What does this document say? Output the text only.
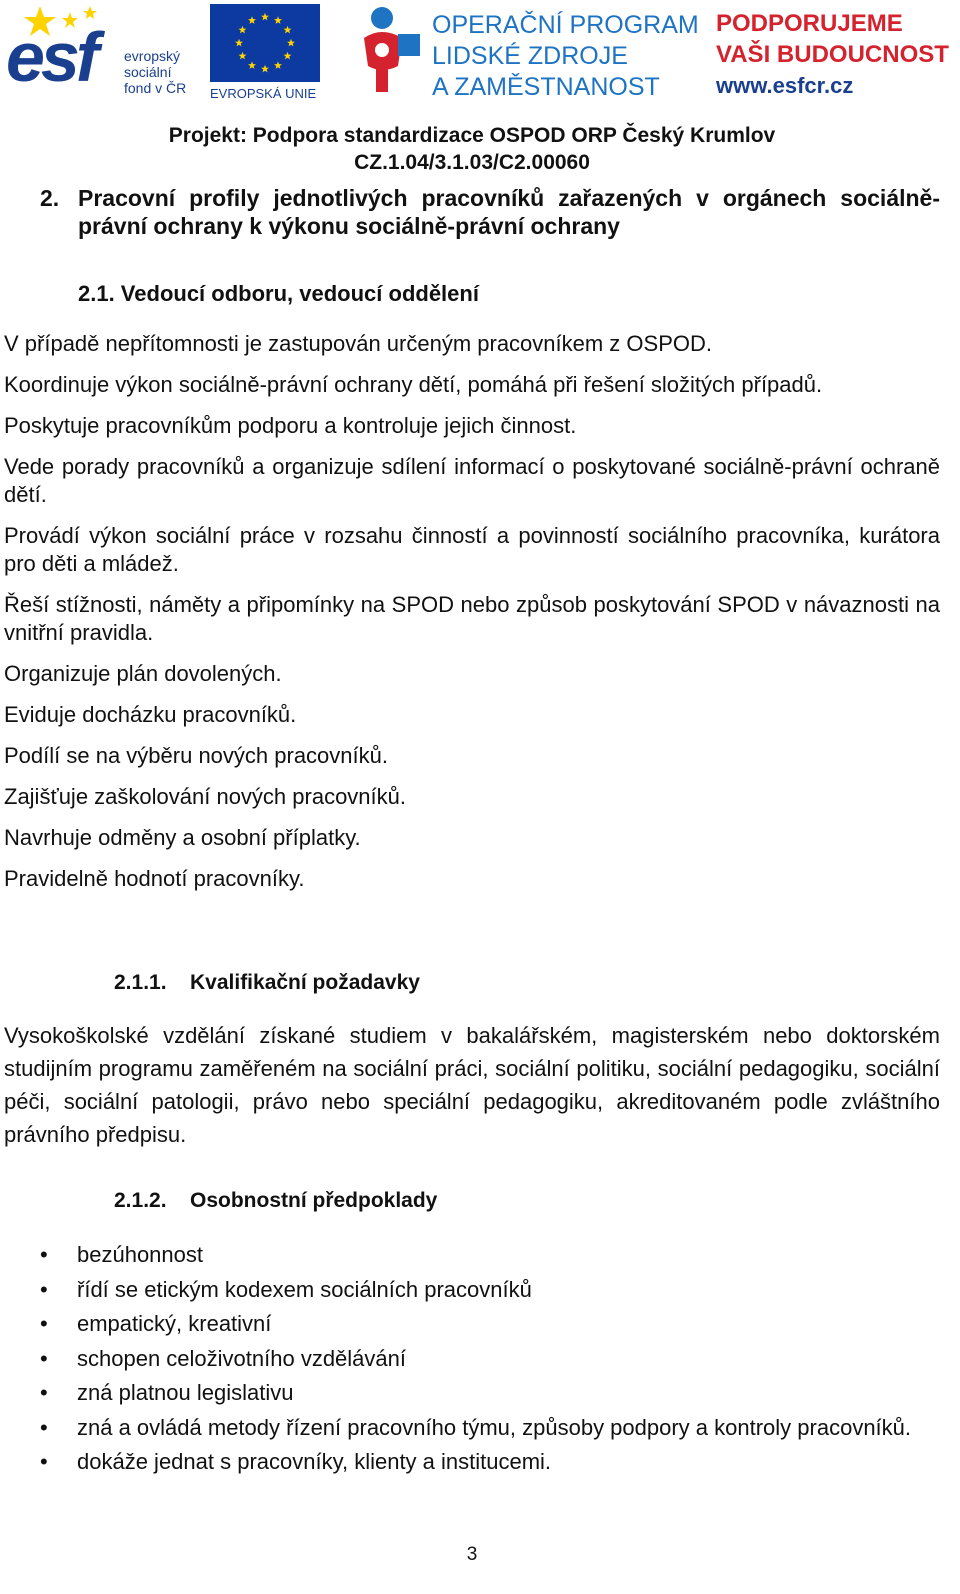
esf evropský
sociální
fond v ČR EVROPSKÁ UNIE
OPERAČNÍ PROGRAM
LIDSKÉ ZDROJE
A ZAMĚSTNANOST
PODPORUJEME
VAŠI BUDOUCNOST
www.esfcr.cz
Projekt: Podpora standardizace OSPOD ORP Český Krumlov
CZ.1.04/3.1.03/C2.00060
2. Pracovní profily jednotlivých pracovníků zařazených v orgánech sociálně-právní ochrany k výkonu sociálně-právní ochrany
2.1. Vedoucí odboru, vedoucí oddělení

V případě nepřítomnosti je zastupován určeným pracovníkem z OSPOD.

Koordinuje výkon sociálně-právní ochrany dětí, pomáhá při řešení složitých případů.

Poskytuje pracovníkům podporu a kontroluje jejich činnost.

Vede porady pracovníků a organizuje sdílení informací o poskytované sociálně-právní ochraně dětí.

Provádí výkon sociální práce v rozsahu činností a povinností sociálního pracovníka, kurátora pro děti a mládež.

Řeší stížnosti, náměty a připomínky na SPOD nebo způsob poskytování SPOD v návaznosti na vnitřní pravidla.

Organizuje plán dovolených.

Eviduje docházku pracovníků.

Podílí se na výběru nových pracovníků.

Zajišťuje zaškolování nových pracovníků.

Navrhuje odměny a osobní příplatky.

Pravidelně hodnotí pracovníky.

2.1.1. Kvalifikační požadavky

Vysokoškolské vzdělání získané studiem v bakalářském, magisterském nebo doktorském studijním programu zaměřeném na sociální práci, sociální politiku, sociální pedagogiku, sociální péči, sociální patologii, právo nebo speciální pedagogiku, akreditovaném podle zvláštního právního předpisu.

2.1.2. Osobnostní předpoklady
• bezúhonnost
• řídí se etickým kodexem sociálních pracovníků
• empatický, kreativní
• schopen celoživotního vzdělávání
• zná platnou legislativu
• zná a ovládá metody řízení pracovního týmu, způsoby podpory a kontroly pracovníků.
• dokáže jednat s pracovníky, klienty a institucemi.
3
